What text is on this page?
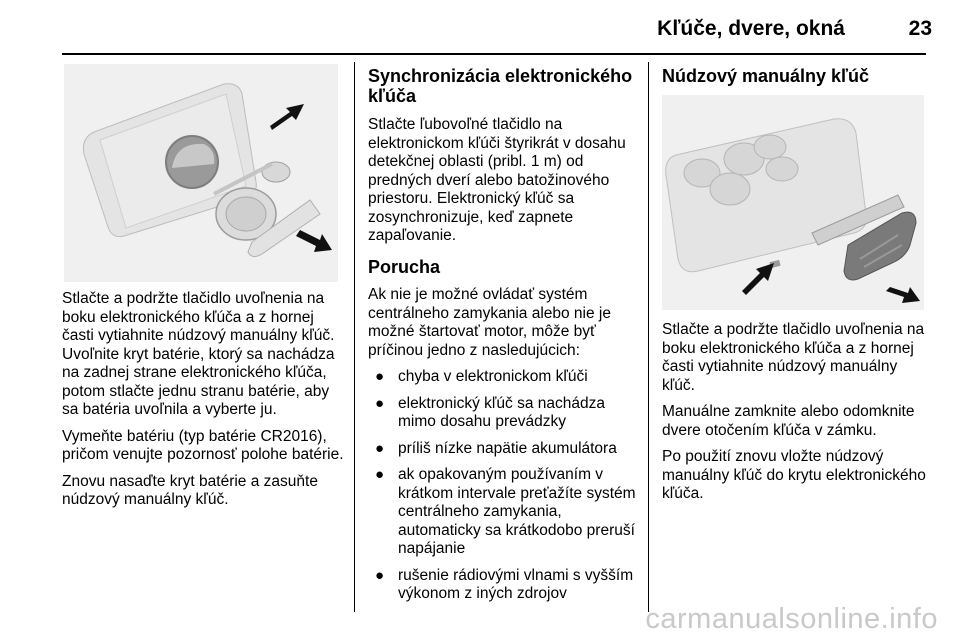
Kľúče, dvere, okná	23

Stlačte a podržte tlačidlo uvoľnenia na boku elektronického kľúča a z hornej časti vytiahnite núdzový manuálny kľúč. Uvoľnite kryt batérie, ktorý sa nachádza na zadnej strane elektronického kľúča, potom stlačte jednu stranu batérie, aby sa batéria uvoľnila a vyberte ju.

Vymeňte batériu (typ batérie CR2016), pričom venujte pozornosť polohe batérie.

Znovu nasaďte kryt batérie a zasuňte núdzový manuálny kľúč.

Synchronizácia elektronického kľúča

Stlačte ľubovoľné tlačidlo na elektronickom kľúči štyrikrát v dosahu detekčnej oblasti (pribl. 1 m) od predných dverí alebo batožinového priestoru. Elektronický kľúč sa zosynchronizuje, keď zapnete zapaľovanie.

Porucha

Ak nie je možné ovládať systém centrálneho zamykania alebo nie je možné štartovať motor, môže byť príčinou jedno z nasledujúcich:

● chyba v elektronickom kľúči
● elektronický kľúč sa nachádza mimo dosahu prevádzky
● príliš nízke napätie akumulátora
● ak opakovaným používaním v krátkom intervale preťažíte systém centrálneho zamykania, automaticky sa krátkodobo preruší napájanie
● rušenie rádiovými vlnami s vyšším výkonom z iných zdrojov
Núdzový manuálny kľúč

Stlačte a podržte tlačidlo uvoľnenia na boku elektronického kľúča a z hornej časti vytiahnite núdzový manuálny kľúč.

Manuálne zamknite alebo odomknite dvere otočením kľúča v zámku.

Po použití znovu vložte núdzový manuálny kľúč do krytu elektronického kľúča.

carmanualsonline.info
